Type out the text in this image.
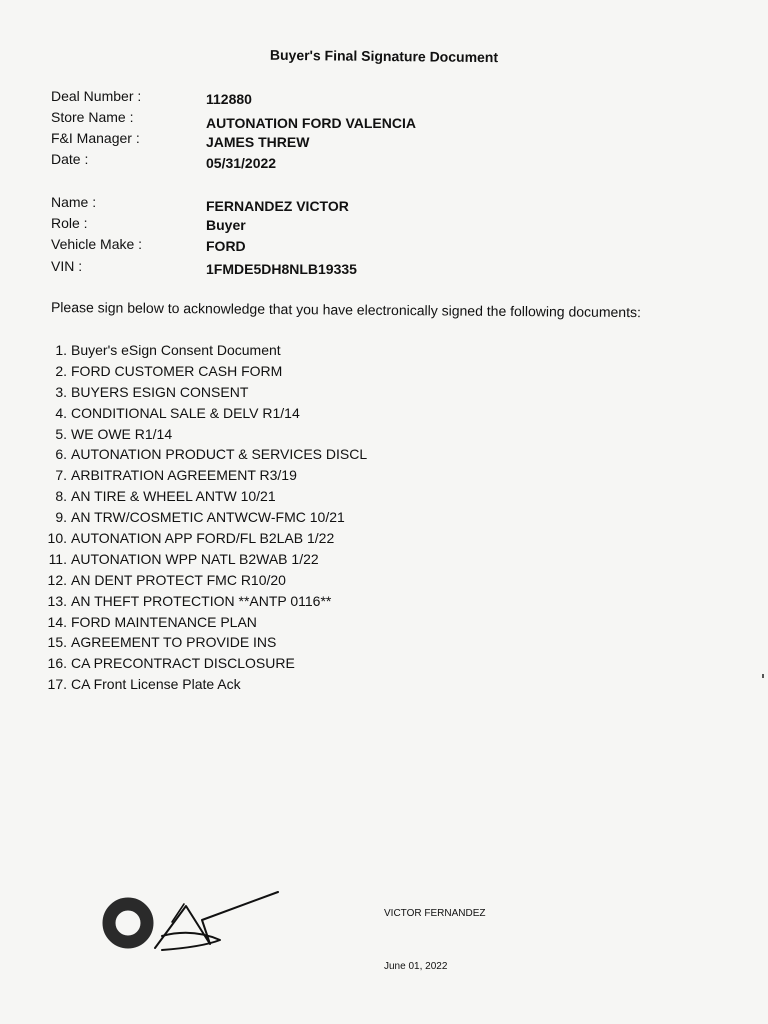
Buyer's Final Signature Document
Deal Number :	112880
Store Name :	AUTONATION FORD VALENCIA
F&I Manager :	JAMES THREW
Date :	05/31/2022
Name :	FERNANDEZ VICTOR
Role :	Buyer
Vehicle Make :	FORD
VIN :	1FMDE5DH8NLB19335
Please sign below to acknowledge that you have electronically signed the following documents:
1. Buyer's eSign Consent Document
2. FORD CUSTOMER CASH FORM
3. BUYERS ESIGN CONSENT
4. CONDITIONAL SALE & DELV R1/14
5. WE OWE R1/14
6. AUTONATION PRODUCT & SERVICES DISCL
7. ARBITRATION AGREEMENT R3/19
8. AN TIRE & WHEEL ANTW 10/21
9. AN TRW/COSMETIC ANTWCW-FMC 10/21
10. AUTONATION APP FORD/FL B2LAB 1/22
11. AUTONATION WPP NATL B2WAB 1/22
12. AN DENT PROTECT FMC R10/20
13. AN THEFT PROTECTION **ANTP 0116**
14. FORD MAINTENANCE PLAN
15. AGREEMENT TO PROVIDE INS
16. CA PRECONTRACT DISCLOSURE
17. CA Front License Plate Ack
VICTOR FERNANDEZ
June 01, 2022
